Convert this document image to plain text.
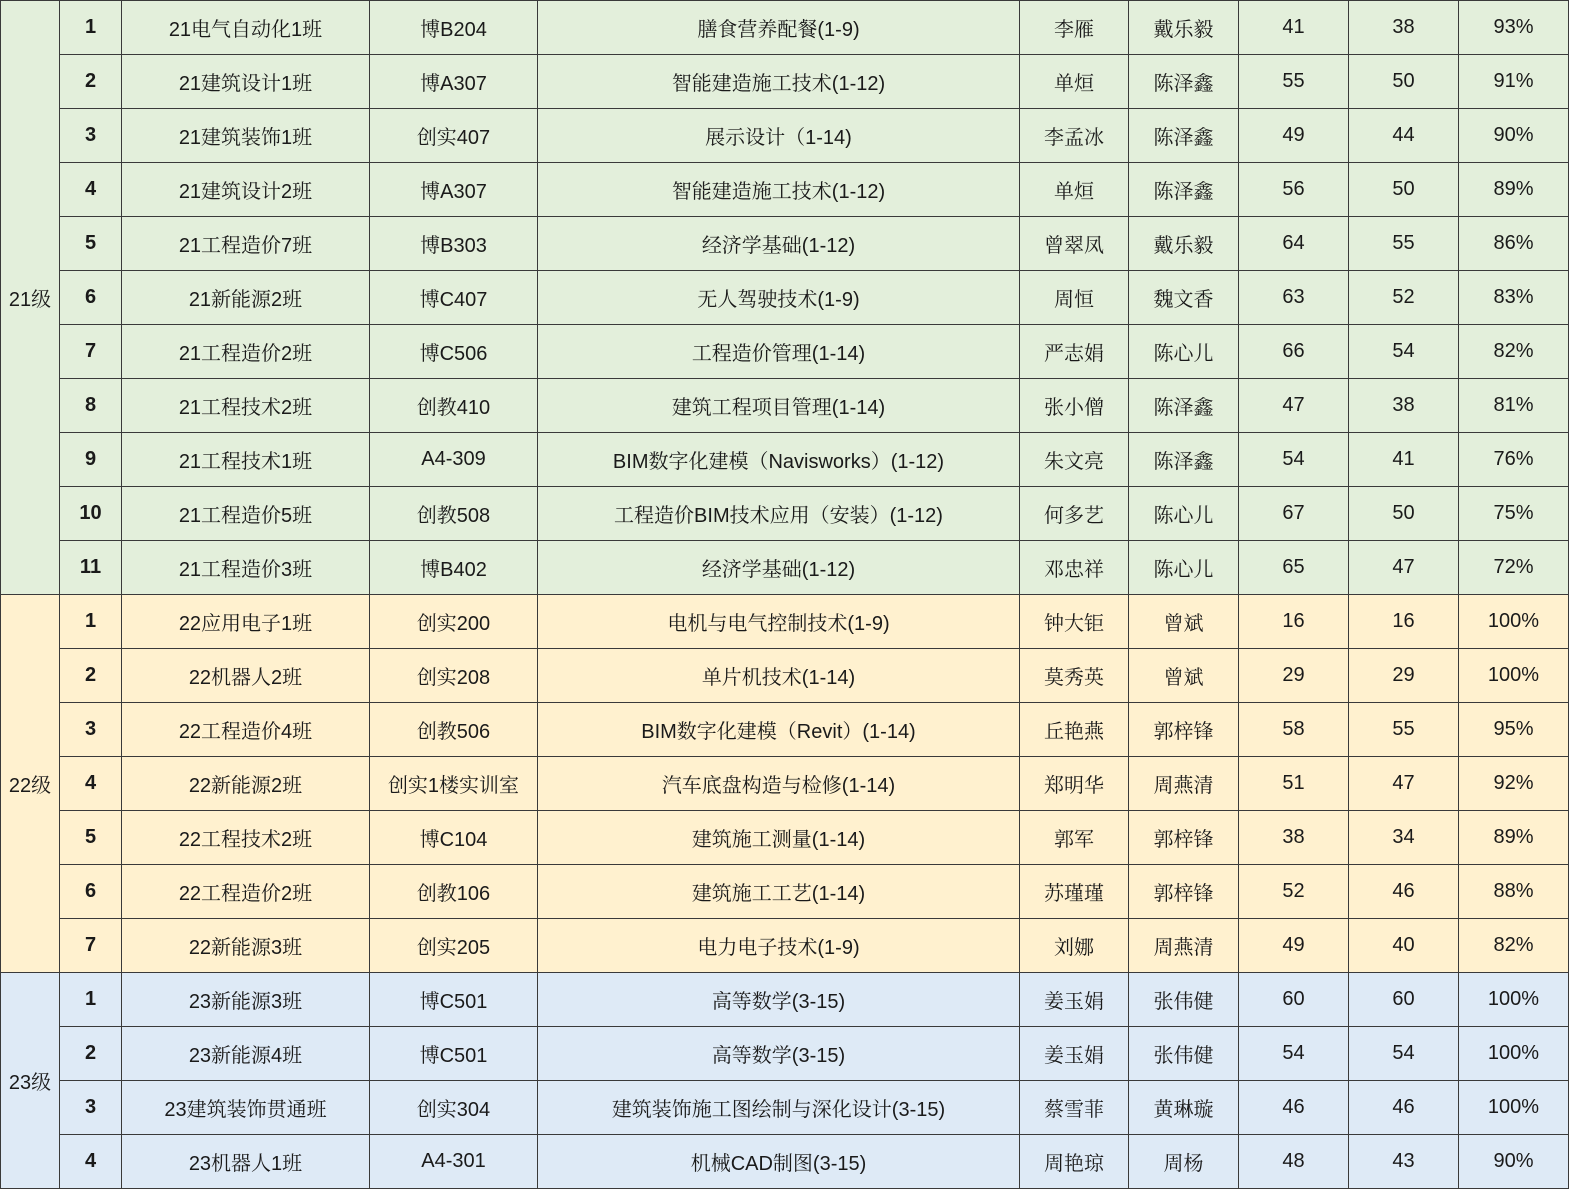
21级	1	21电气自动化1班	博B204	膳食营养配餐(1-9)	李雁	戴乐毅	41	38	93%
	2	21建筑设计1班	博A307	智能建造施工技术(1-12)	单烜	陈泽鑫	55	50	91%
	3	21建筑装饰1班	创实407	展示设计（1-14)	李孟冰	陈泽鑫	49	44	90%
	4	21建筑设计2班	博A307	智能建造施工技术(1-12)	单烜	陈泽鑫	56	50	89%
	5	21工程造价7班	博B303	经济学基础(1-12)	曾翠凤	戴乐毅	64	55	86%
	6	21新能源2班	博C407	无人驾驶技术(1-9)	周恒	魏文香	63	52	83%
	7	21工程造价2班	博C506	工程造价管理(1-14)	严志娟	陈心儿	66	54	82%
	8	21工程技术2班	创教410	建筑工程项目管理(1-14)	张小僧	陈泽鑫	47	38	81%
	9	21工程技术1班	A4-309	BIM数字化建模（Navisworks）(1-12)	朱文亮	陈泽鑫	54	41	76%
	10	21工程造价5班	创教508	工程造价BIM技术应用（安装）(1-12)	何多艺	陈心儿	67	50	75%
	11	21工程造价3班	博B402	经济学基础(1-12)	邓忠祥	陈心儿	65	47	72%
22级	1	22应用电子1班	创实200	电机与电气控制技术(1-9)	钟大钜	曾斌	16	16	100%
	2	22机器人2班	创实208	单片机技术(1-14)	莫秀英	曾斌	29	29	100%
	3	22工程造价4班	创教506	BIM数字化建模（Revit）(1-14)	丘艳燕	郭梓锋	58	55	95%
	4	22新能源2班	创实1楼实训室	汽车底盘构造与检修(1-14)	郑明华	周燕清	51	47	92%
	5	22工程技术2班	博C104	建筑施工测量(1-14)	郭军	郭梓锋	38	34	89%
	6	22工程造价2班	创教106	建筑施工工艺(1-14)	苏瑾瑾	郭梓锋	52	46	88%
	7	22新能源3班	创实205	电力电子技术(1-9)	刘娜	周燕清	49	40	82%
23级	1	23新能源3班	博C501	高等数学(3-15)	姜玉娟	张伟健	60	60	100%
	2	23新能源4班	博C501	高等数学(3-15)	姜玉娟	张伟健	54	54	100%
	3	23建筑装饰贯通班	创实304	建筑装饰施工图绘制与深化设计(3-15)	蔡雪菲	黄琳璇	46	46	100%
	4	23机器人1班	A4-301	机械CAD制图(3-15)	周艳琼	周杨	48	43	90%
